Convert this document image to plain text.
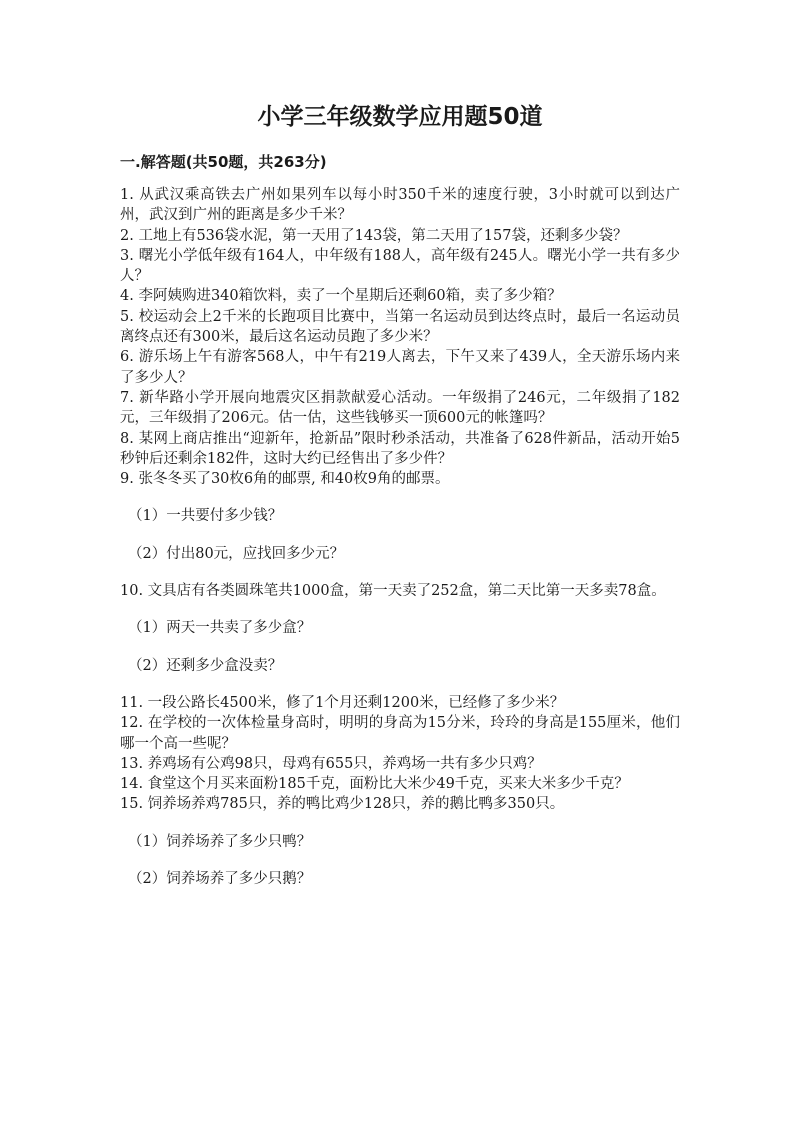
小学三年级数学应用题50道
一.解答题(共50题，共263分)

1. 从武汉乘高铁去广州如果列车以每小时350千米的速度行驶，3小时就可以到达广州，武汉到广州的距离是多少千米？

2. 工地上有536袋水泥，第一天用了143袋，第二天用了157袋，还剩多少袋？

3. 曙光小学低年级有164人，中年级有188人，高年级有245人。曙光小学一共有多少人？

4. 李阿姨购进340箱饮料，卖了一个星期后还剩60箱，卖了多少箱？

5. 校运动会上2千米的长跑项目比赛中，当第一名运动员到达终点时，最后一名运动员离终点还有300米，最后这名运动员跑了多少米？

6. 游乐场上午有游客568人，中午有219人离去，下午又来了439人，全天游乐场内来了多少人？

7. 新华路小学开展向地震灾区捐款献爱心活动。一年级捐了246元，二年级捐了182元，三年级捐了206元。估一估，这些钱够买一顶600元的帐篷吗？

8. 某网上商店推出“迎新年，抢新品”限时秒杀活动，共准备了628件新品，活动开始5秒钟后还剩余182件，这时大约已经售出了多少件？

9. 张冬冬买了30枚6角的邮票, 和40枚9角的邮票。

（1）一共要付多少钱？

（2）付出80元，应找回多少元？

10. 文具店有各类圆珠笔共1000盒，第一天卖了252盒，第二天比第一天多卖78盒。

（1）两天一共卖了多少盒？

（2）还剩多少盒没卖？

11. 一段公路长4500米，修了1个月还剩1200米，已经修了多少米？

12. 在学校的一次体检量身高时，明明的身高为15分米，玲玲的身高是155厘米，他们哪一个高一些呢？

13. 养鸡场有公鸡98只，母鸡有655只，养鸡场一共有多少只鸡？

14. 食堂这个月买来面粉185千克，面粉比大米少49千克，买来大米多少千克？

15. 饲养场养鸡785只，养的鸭比鸡少128只，养的鹅比鸭多350只。

（1）饲养场养了多少只鸭？

（2）饲养场养了多少只鹅？
